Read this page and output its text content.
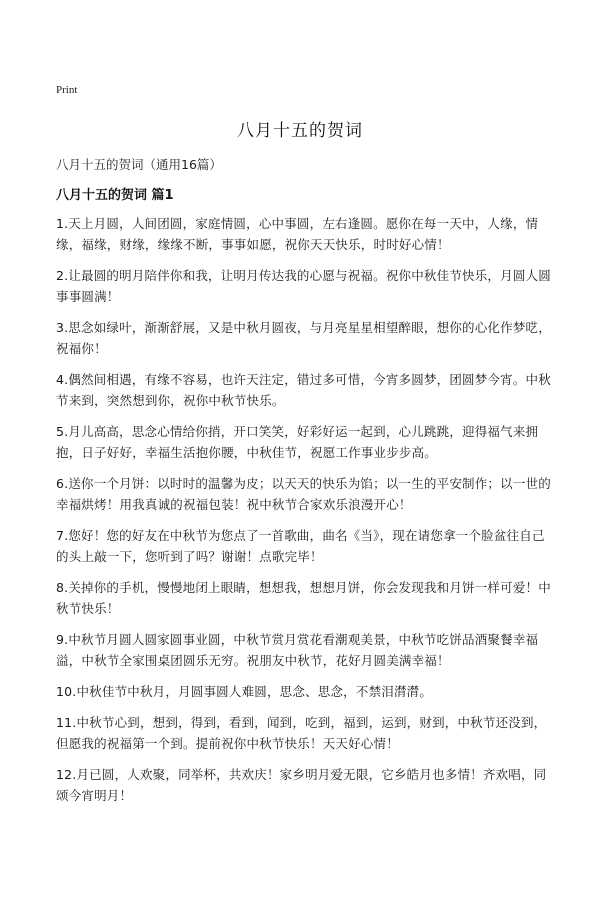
Print
八月十五的贺词

八月十五的贺词（通用16篇）

八月十五的贺词 篇1
1.天上月圆，人间团圆，家庭情圆，心中事圆，左右逢圆。愿你在每一天中，人缘，情缘，福缘，财缘，缘缘不断，事事如愿，祝你天天快乐，时时好心情！
2.让最圆的明月陪伴你和我，让明月传达我的心愿与祝福。祝你中秋佳节快乐，月圆人圆事事圆满！
3.思念如绿叶，渐渐舒展，又是中秋月圆夜，与月亮星星相望醉眼，想你的心化作梦呓，祝福你！
4.偶然间相遇，有缘不容易，也许天注定，错过多可惜，今宵多圆梦，团圆梦今宵。中秋节来到，突然想到你，祝你中秋节快乐。
5.月儿高高，思念心情给你捎，开口笑笑，好彩好运一起到，心儿跳跳，迎得福气来拥抱，日子好好，幸福生活抱你腰，中秋佳节，祝愿工作事业步步高。
6.送你一个月饼：以时时的温馨为皮；以天天的快乐为馅；以一生的平安制作；以一世的幸福烘烤！用我真诚的祝福包装！祝中秋节合家欢乐浪漫开心！
7.您好！您的好友在中秋节为您点了一首歌曲，曲名《当》，现在请您拿一个脸盆往自己的头上敲一下，您听到了吗？谢谢！点歌完毕！
8.关掉你的手机，慢慢地闭上眼睛，想想我，想想月饼，你会发现我和月饼一样可爱！中秋节快乐！
9.中秋节月圆人圆家圆事业圆，中秋节赏月赏花看潮观美景，中秋节吃饼品酒聚餐幸福溢，中秋节全家围桌团圆乐无穷。祝朋友中秋节，花好月圆美满幸福！
10.中秋佳节中秋月，月圆事圆人难圆，思念、思念，不禁泪潸潸。
11.中秋节心到，想到，得到，看到，闻到，吃到，福到，运到，财到，中秋节还没到，但愿我的祝福第一个到。提前祝你中秋节快乐！天天好心情！
12.月已圆，人欢聚，同举杯，共欢庆！家乡明月爱无限，它乡皓月也多情！齐欢唱，同颂今宵明月！
